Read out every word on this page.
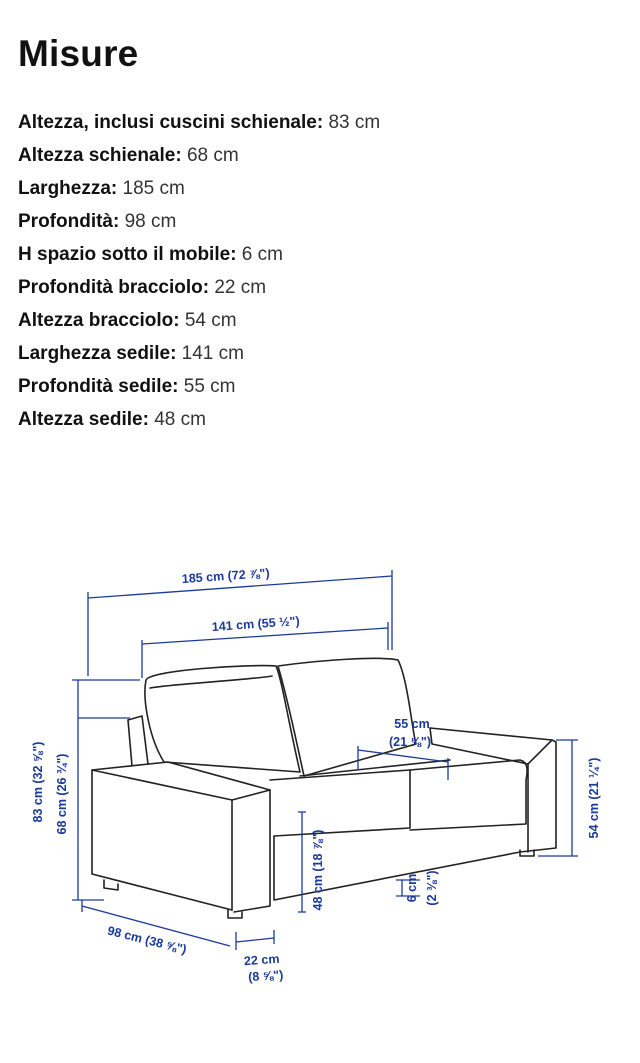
Misure
Altezza, inclusi cuscini schienale: 83 cm
Altezza schienale: 68 cm
Larghezza: 185 cm
Profondità: 98 cm
H spazio sotto il mobile: 6 cm
Profondità bracciolo: 22 cm
Altezza bracciolo: 54 cm
Larghezza sedile: 141 cm
Profondità sedile: 55 cm
Altezza sedile: 48 cm
185 cm (72 ⅞")
141 cm (55 ½")
55 cm
(21 ⅝")
83 cm (32 ⅝") 68 cm (26 ¾")
48 cm (18 ⅞")
54 cm (21 ¼")
6 cm (2 ⅜")
98 cm (38 ⅝")
22 cm
(8 ⅝")
